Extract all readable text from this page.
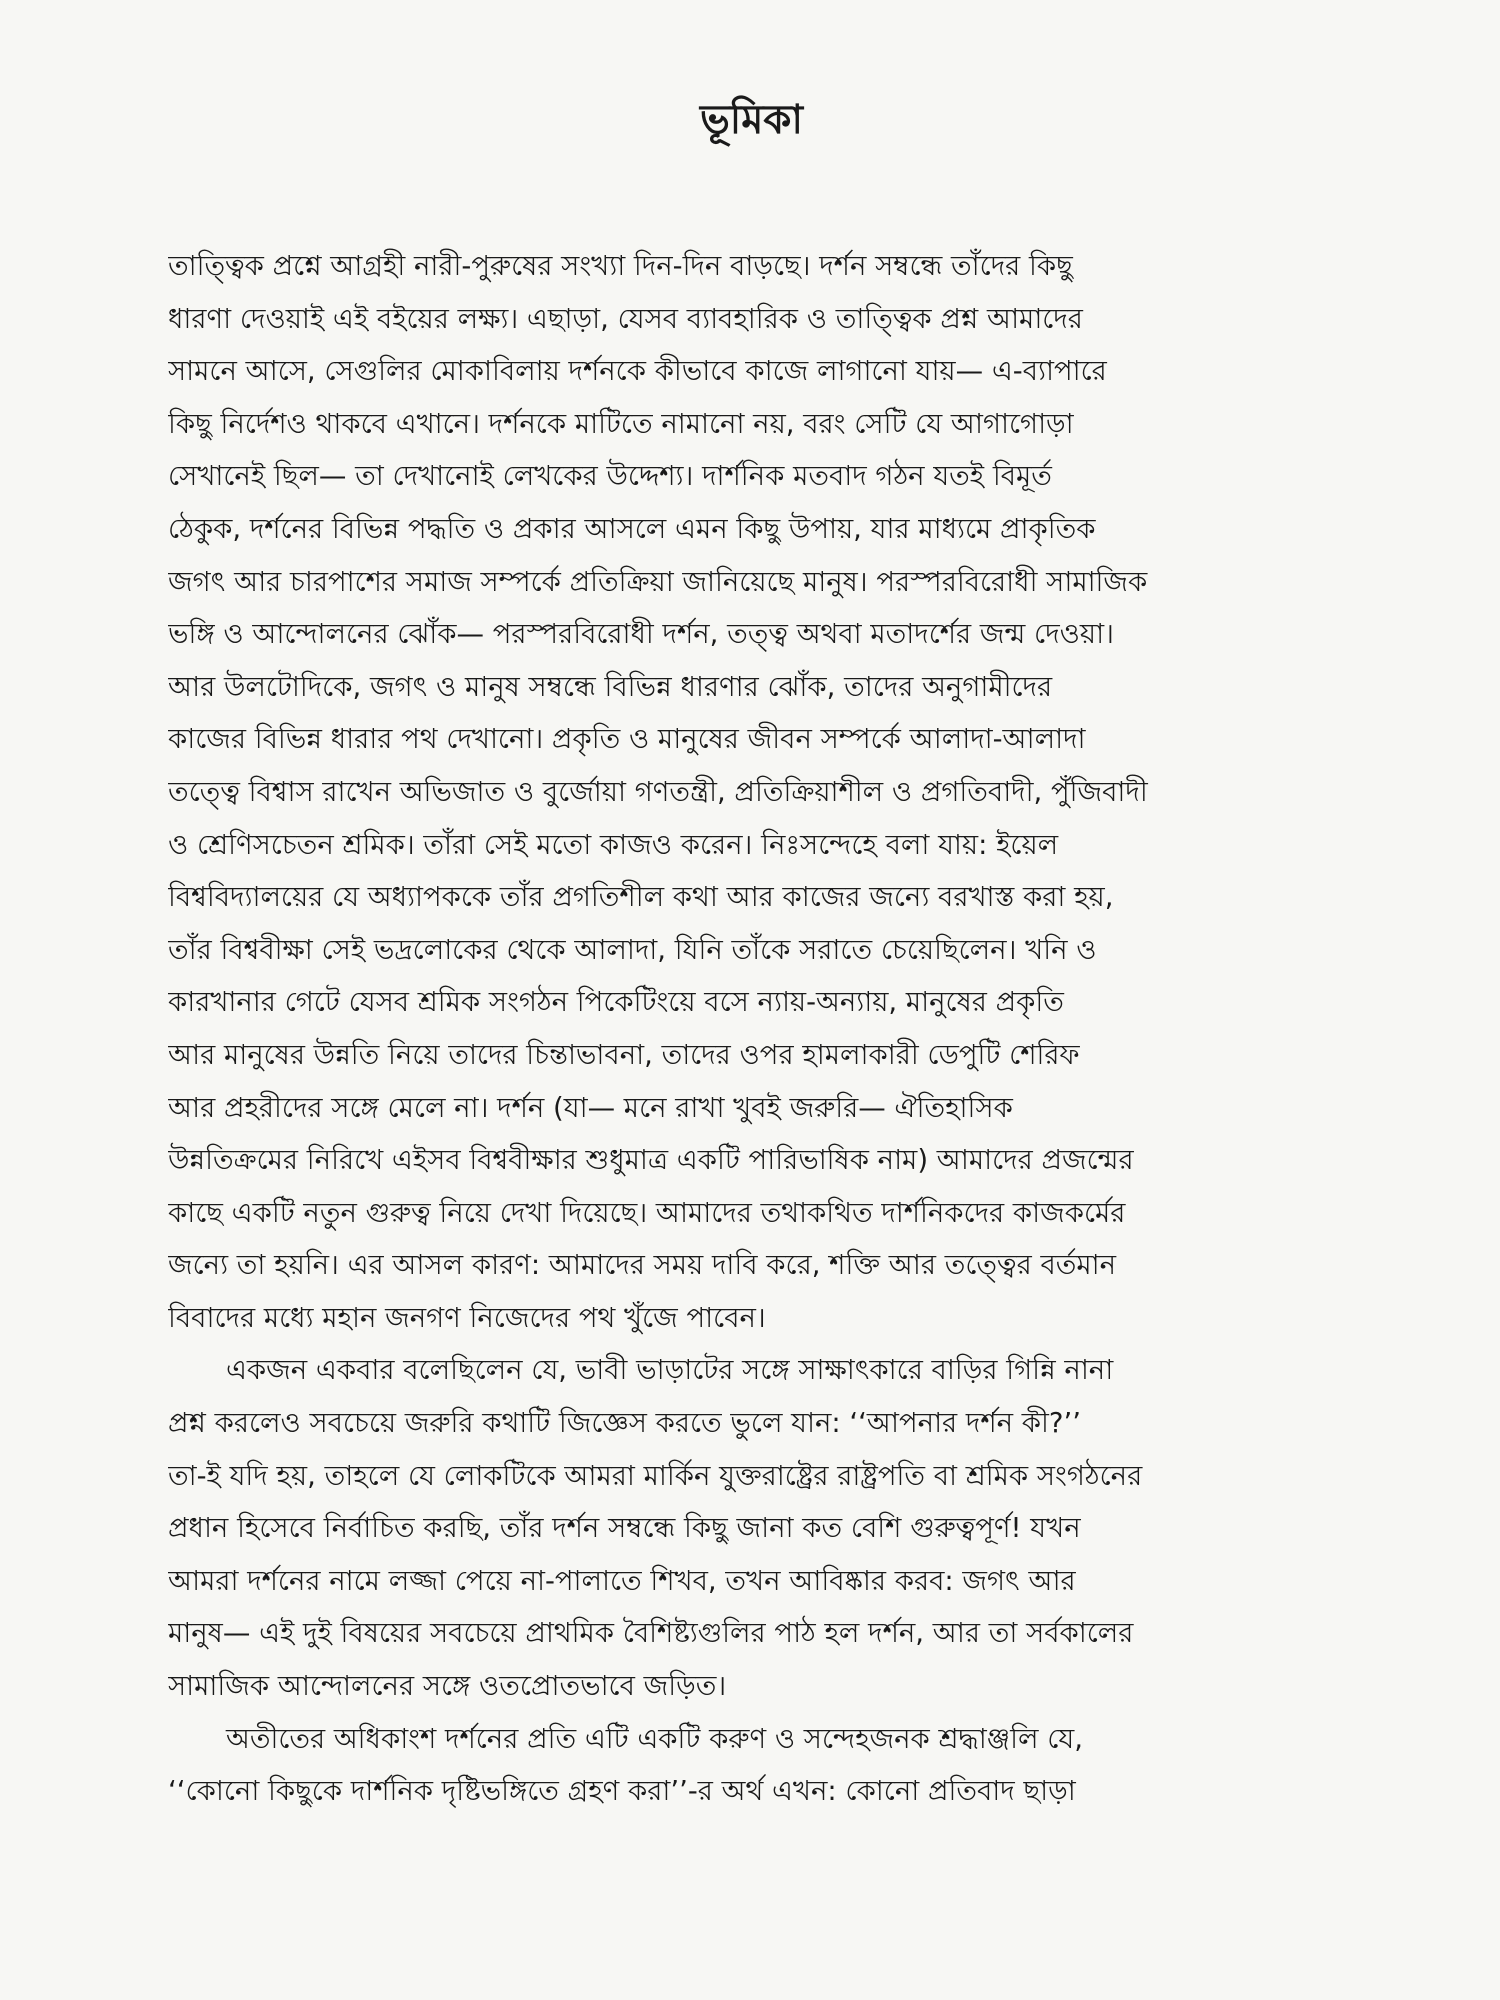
ভূমিকা
তাত্ত্বিক প্রশ্নে আগ্রহী নারী-পুরুষের সংখ্যা দিন-দিন বাড়ছে। দর্শন সম্বন্ধে তাঁদের কিছু
ধারণা দেওয়াই এই বইয়ের লক্ষ্য। এছাড়া, যেসব ব্যাবহারিক ও তাত্ত্বিক প্রশ্ন আমাদের
সামনে আসে, সেগুলির মোকাবিলায় দর্শনকে কীভাবে কাজে লাগানো যায়— এ-ব্যাপারে
কিছু নির্দেশও থাকবে এখানে। দর্শনকে মাটিতে নামানো নয়, বরং সেটি যে আগাগোড়া
সেখানেই ছিল— তা দেখানোই লেখকের উদ্দেশ্য। দার্শনিক মতবাদ গঠন যতই বিমূর্ত
ঠেকুক, দর্শনের বিভিন্ন পদ্ধতি ও প্রকার আসলে এমন কিছু উপায়, যার মাধ্যমে প্রাকৃতিক
জগৎ আর চারপাশের সমাজ সম্পর্কে প্রতিক্রিয়া জানিয়েছে মানুষ। পরস্পরবিরোধী সামাজিক
ভঙ্গি ও আন্দোলনের ঝোঁক— পরস্পরবিরোধী দর্শন, তত্ত্ব অথবা মতাদর্শের জন্ম দেওয়া।
আর উলটোদিকে, জগৎ ও মানুষ সম্বন্ধে বিভিন্ন ধারণার ঝোঁক, তাদের অনুগামীদের
কাজের বিভিন্ন ধারার পথ দেখানো। প্রকৃতি ও মানুষের জীবন সম্পর্কে আলাদা-আলাদা
তত্ত্বে বিশ্বাস রাখেন অভিজাত ও বুর্জোয়া গণতন্ত্রী, প্রতিক্রিয়াশীল ও প্রগতিবাদী, পুঁজিবাদী
ও শ্রেণিসচেতন শ্রমিক। তাঁরা সেই মতো কাজও করেন। নিঃসন্দেহে বলা যায়: ইয়েল
বিশ্ববিদ্যালয়ের যে অধ্যাপককে তাঁর প্রগতিশীল কথা আর কাজের জন্যে বরখাস্ত করা হয়,
তাঁর বিশ্ববীক্ষা সেই ভদ্রলোকের থেকে আলাদা, যিনি তাঁকে সরাতে চেয়েছিলেন। খনি ও
কারখানার গেটে যেসব শ্রমিক সংগঠন পিকেটিংয়ে বসে ন্যায়-অন্যায়, মানুষের প্রকৃতি
আর মানুষের উন্নতি নিয়ে তাদের চিন্তাভাবনা, তাদের ওপর হামলাকারী ডেপুটি শেরিফ
আর প্রহরীদের সঙ্গে মেলে না। দর্শন (যা— মনে রাখা খুবই জরুরি— ঐতিহাসিক
উন্নতিক্রমের নিরিখে এইসব বিশ্ববীক্ষার শুধুমাত্র একটি পারিভাষিক নাম) আমাদের প্রজন্মের
কাছে একটি নতুন গুরুত্ব নিয়ে দেখা দিয়েছে। আমাদের তথাকথিত দার্শনিকদের কাজকর্মের
জন্যে তা হয়নি। এর আসল কারণ: আমাদের সময় দাবি করে, শক্তি আর তত্ত্বের বর্তমান
বিবাদের মধ্যে মহান জনগণ নিজেদের পথ খুঁজে পাবেন।
একজন একবার বলেছিলেন যে, ভাবী ভাড়াটের সঙ্গে সাক্ষাৎকারে বাড়ির গিন্নি নানা
প্রশ্ন করলেও সবচেয়ে জরুরি কথাটি জিজ্ঞেস করতে ভুলে যান: ‘‘আপনার দর্শন কী?’’
তা-ই যদি হয়, তাহলে যে লোকটিকে আমরা মার্কিন যুক্তরাষ্ট্রের রাষ্ট্রপতি বা শ্রমিক সংগঠনের
প্রধান হিসেবে নির্বাচিত করছি, তাঁর দর্শন সম্বন্ধে কিছু জানা কত বেশি গুরুত্বপূর্ণ! যখন
আমরা দর্শনের নামে লজ্জা পেয়ে না-পালাতে শিখব, তখন আবিষ্কার করব: জগৎ আর
মানুষ— এই দুই বিষয়ের সবচেয়ে প্রাথমিক বৈশিষ্ট্যগুলির পাঠ হল দর্শন, আর তা সর্বকালের
সামাজিক আন্দোলনের সঙ্গে ওতপ্রোতভাবে জড়িত।
অতীতের অধিকাংশ দর্শনের প্রতি এটি একটি করুণ ও সন্দেহজনক শ্রদ্ধাঞ্জলি যে,
‘‘কোনো কিছুকে দার্শনিক দৃষ্টিভঙ্গিতে গ্রহণ করা’’-র অর্থ এখন: কোনো প্রতিবাদ ছাড়া
